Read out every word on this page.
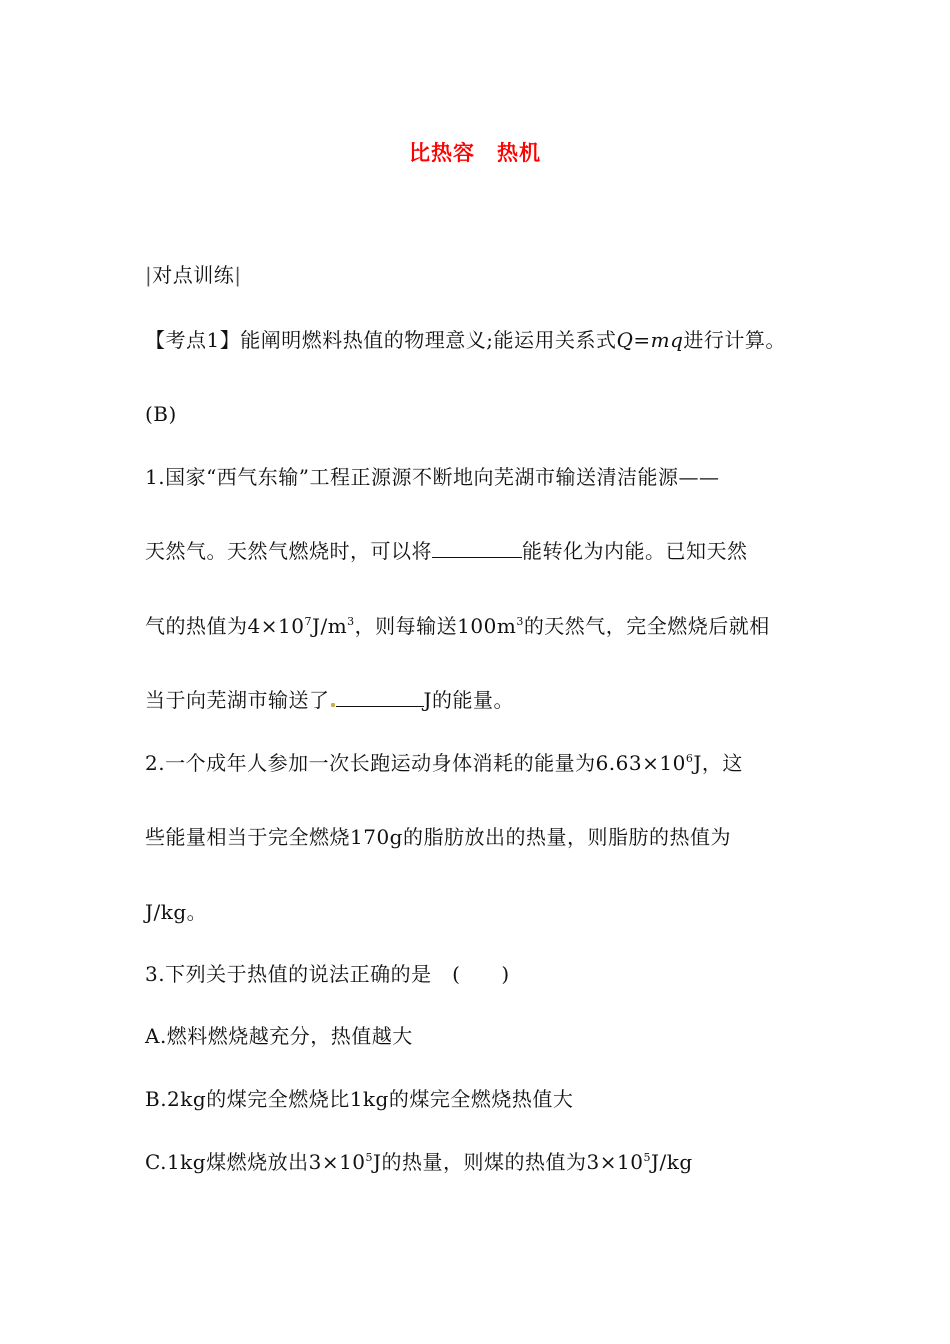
比热容 热机
|对点训练|
【考点1】能阐明燃料热值的物理意义;能运用关系式Q=mq进行计算。
(B)
1.国家“西气东输”工程正源源不断地向芜湖市输送清洁能源——
天然气。天然气燃烧时，可以将	能转化为内能。已知天然
气的热值为$4\times 10^7J/m^3$，则每输送$100m^3$的天然气，完全燃烧后就相
当于向芜湖市输送了	J的能量。
2.一个成年人参加一次长跑运动身体消耗的能量为$6.63\times 10^6J$，这
些能量相当于完全燃烧170g的脂肪放出的热量，则脂肪的热值为
J/kg。
3.下列关于热值的说法正确的是　(　　)
A.燃料燃烧越充分，热值越大
B.2kg的煤完全燃烧比1kg的煤完全燃烧热值大
C.1kg煤燃烧放出$3\times 10^5J$的热量，则煤的热值为$3\times 10^5J/kg$
